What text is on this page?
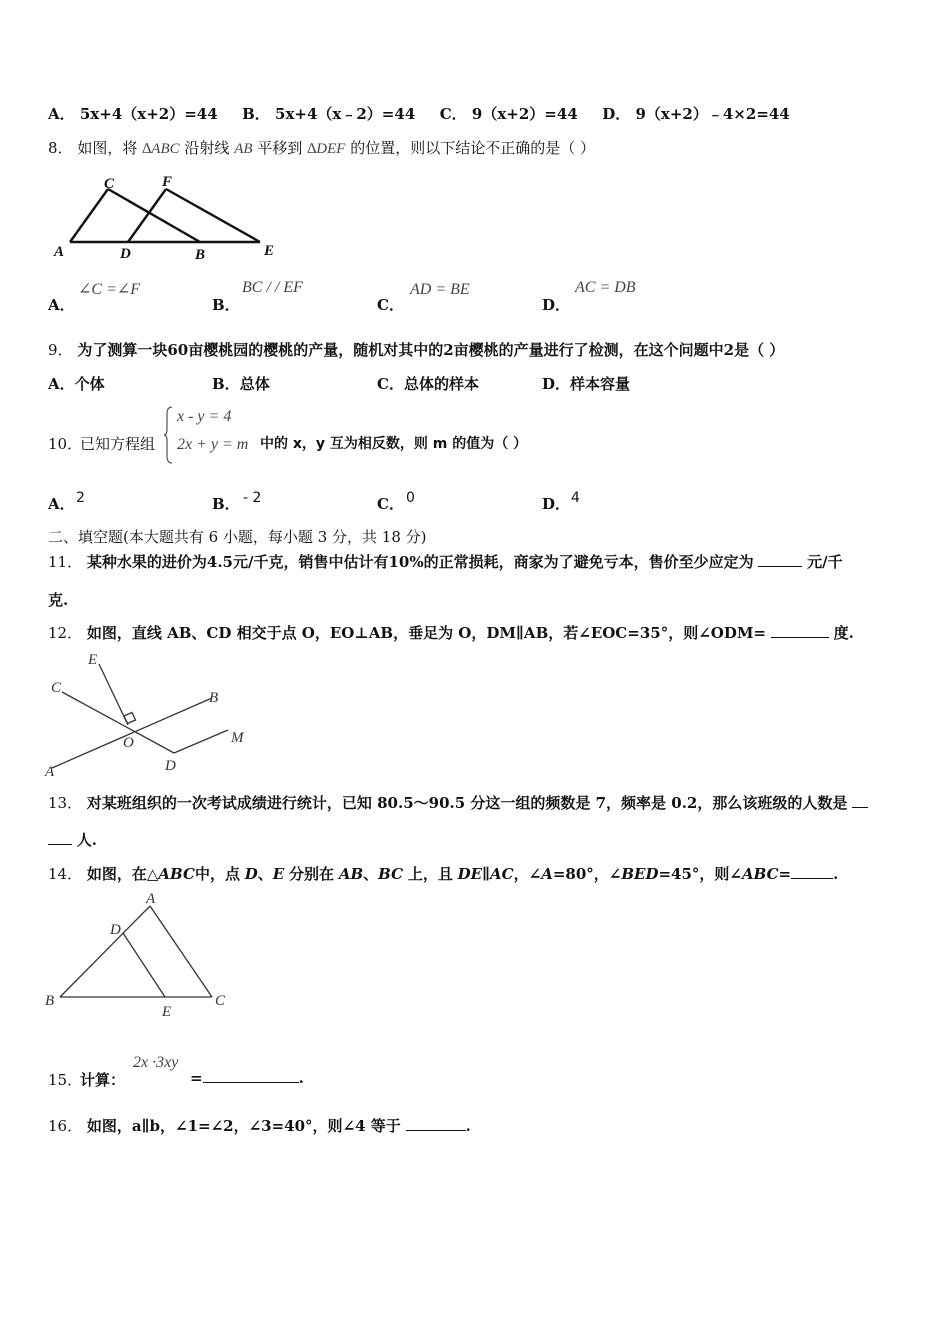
A． 5x+4（x+2）=44 B． 5x+4（x﹣2）=44 C． 9（x+2）=44 D． 9（x+2）﹣4×2=44
8． 如图，将 ∆ABC 沿射线 AB 平移到 ∆DEF 的位置，则以下结论不正确的是（ ）
C	F
A	D	B	E
A．
∠C =∠F
B．
BC / / EF
C．
AD = BE
D．
AC = DB
9． 为了测算一块60亩樱桃园的樱桃的产量，随机对其中的2亩樱桃的产量进行了检测，在这个问题中2是（ ）
A．个体	B．总体	C．总体的样本	D．样本容量
10．
已知方程组
x - y = 4
2x + y = m 中的 x，y 互为相反数，则 m 的值为（ ）
A． 2	B． - 2	C． 0	D． 4
二、填空题(本大题共有 6 小题，每小题 3 分，共 18 分)
11． 某种水果的进价为4.5元/千克，销售中估计有10%的正常损耗，商家为了避免亏本，售价至少应定为	元/千
克.
12． 如图，直线 AB、CD 相交于点 O，EO⊥AB，垂足为 O，DM∥AB，若∠EOC=35°，则∠ODM=	度.
E
C
B
O	M
A	D
13． 对某班组织的一次考试成绩进行统计，已知 80.5～90.5 分这一组的频数是 7，频率是 0.2，那么该班级的人数是
人.
14． 如图，在△ABC中，点 D、E 分别在 AB、BC 上，且 DE∥AC，∠A=80°，∠BED=45°，则∠ABC=	.
A
D
B
E
C
15．
计算：
2x ·3xy
=	.
16． 如图，a∥b，∠1=∠2，∠3=40°，则∠4 等于	.
